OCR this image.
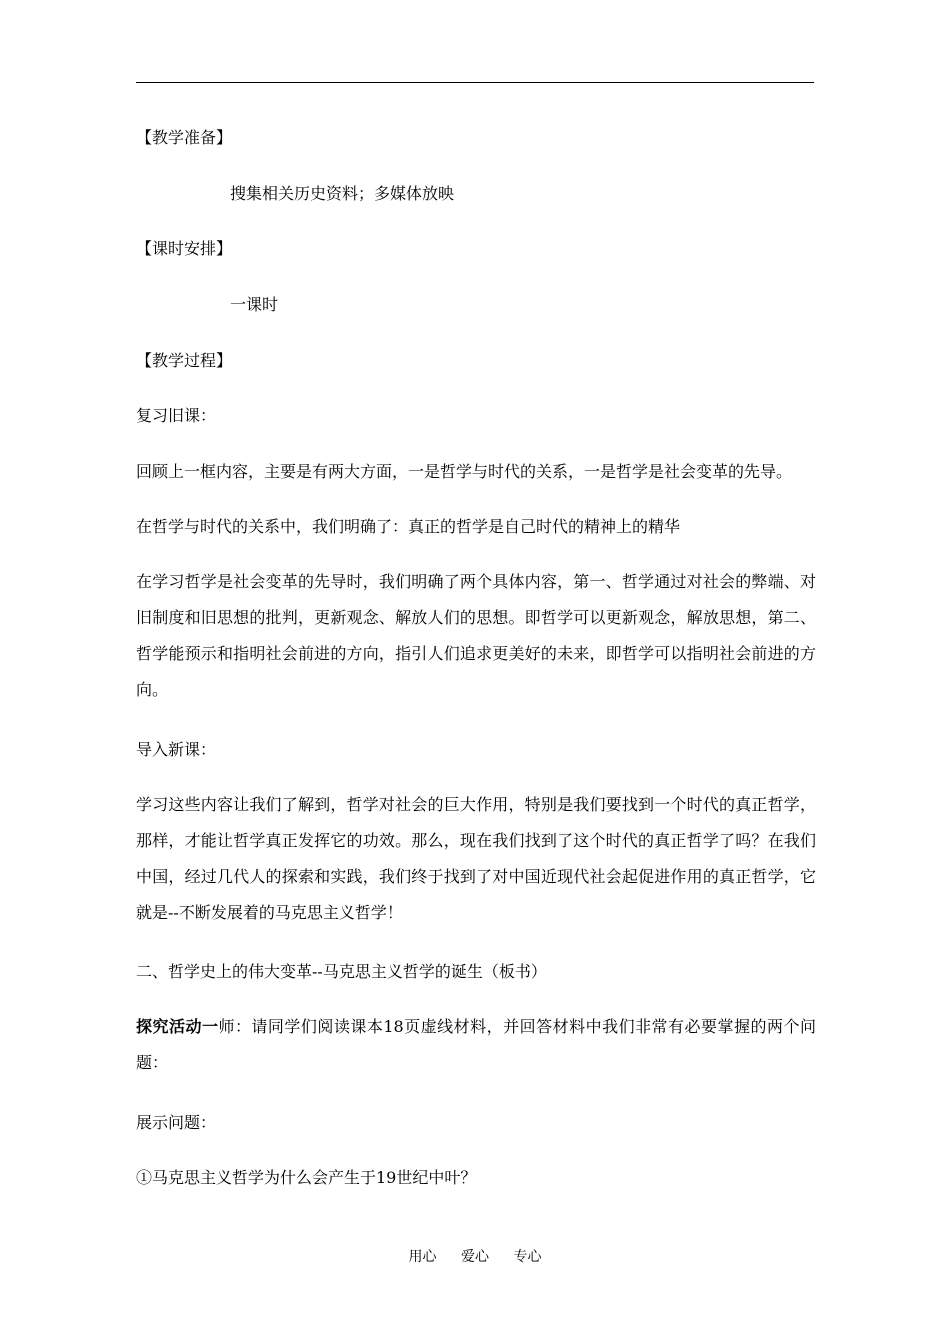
【教学准备】
搜集相关历史资料；多媒体放映
【课时安排】
一课时
【教学过程】
复习旧课：
回顾上一框内容，主要是有两大方面，一是哲学与时代的关系，一是哲学是社会变革的先导。
在哲学与时代的关系中，我们明确了：真正的哲学是自己时代的精神上的精华
在学习哲学是社会变革的先导时，我们明确了两个具体内容，第一、哲学通过对社会的弊端、对旧制度和旧思想的批判，更新观念、解放人们的思想。即哲学可以更新观念，解放思想，第二、哲学能预示和指明社会前进的方向，指引人们追求更美好的未来，即哲学可以指明社会前进的方向。
导入新课：
学习这些内容让我们了解到，哲学对社会的巨大作用，特别是我们要找到一个时代的真正哲学，那样，才能让哲学真正发挥它的功效。那么，现在我们找到了这个时代的真正哲学了吗？在我们中国，经过几代人的探索和实践，我们终于找到了对中国近现代社会起促进作用的真正哲学，它就是--不断发展着的马克思主义哲学！
二、哲学史上的伟大变革--马克思主义哲学的诞生（板书）
探究活动一师：请同学们阅读课本18页虚线材料，并回答材料中我们非常有必要掌握的两个问题：
展示问题：
①马克思主义哲学为什么会产生于19世纪中叶？
用心 爱心 专心
